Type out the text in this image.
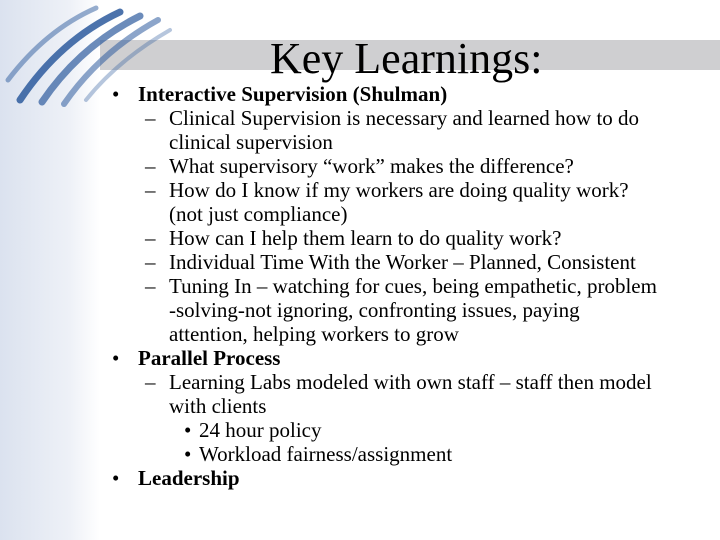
Key Learnings:
• Interactive Supervision (Shulman)
– Clinical Supervision is necessary and learned how to do
clinical supervision
– What supervisory “work” makes the difference?
– How do I know if my workers are doing quality work?
(not just compliance)
– How can I help them learn to do quality work?
– Individual Time With the Worker – Planned, Consistent
– Tuning In – watching for cues, being empathetic, problem
-solving-not ignoring, confronting issues, paying
attention, helping workers to grow
• Parallel Process
– Learning Labs modeled with own staff – staff then model
with clients
• 24 hour policy
• Workload fairness/assignment
• Leadership
